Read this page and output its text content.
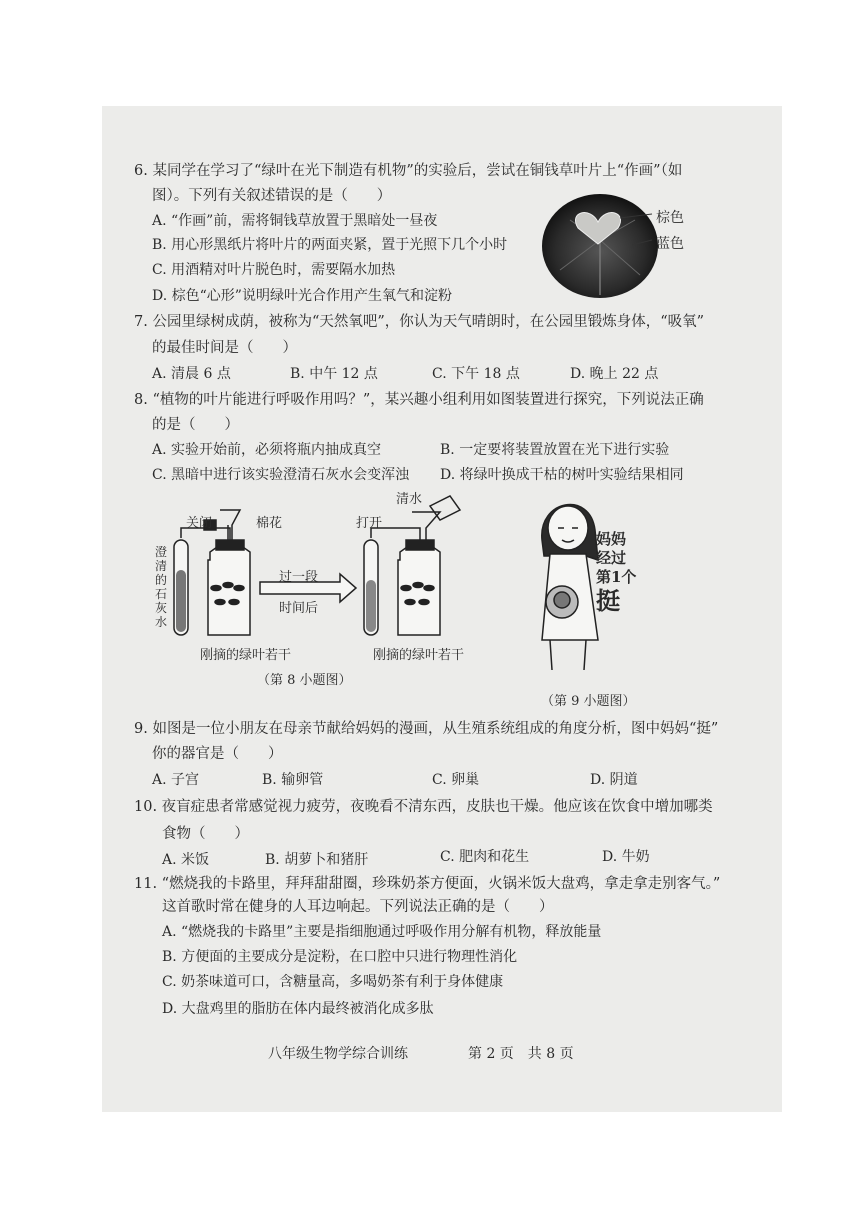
6. 某同学在学习了“绿叶在光下制造有机物”的实验后，尝试在铜钱草叶片上“作画”（如
图）。下列有关叙述错误的是（　　）
A. “作画”前，需将铜钱草放置于黑暗处一昼夜
B. 用心形黑纸片将叶片的两面夹紧，置于光照下几个小时
C. 用酒精对叶片脱色时，需要隔水加热
D. 棕色“心形”说明绿叶光合作用产生氧气和淀粉
棕色
蓝色
7. 公园里绿树成荫，被称为“天然氧吧”，你认为天气晴朗时，在公园里锻炼身体，“吸氧”
的最佳时间是（　　）
A. 清晨 6 点	B. 中午 12 点	C. 下午 18 点	D. 晚上 22 点
8. “植物的叶片能进行呼吸作用吗？”，某兴趣小组利用如图装置进行探究，下列说法正确
的是（　　）
A. 实验开始前，必须将瓶内抽成真空	B. 一定要将装置放置在光下进行实验
C. 黑暗中进行该实验澄清石灰水会变浑浊 D. 将绿叶换成干枯的树叶实验结果相同
关闭	棉花	打开
清水
澄
清
的
石
灰
水
过一段
时间后
刚摘的绿叶若干	刚摘的绿叶若干
（第 8 小题图）
妈妈
经过
第1个
挺
（第 9 小题图）
9. 如图是一位小朋友在母亲节献给妈妈的漫画，从生殖系统组成的角度分析，图中妈妈“挺”
你的器官是（　　）
A. 子宫	B. 输卵管	C. 卵巢	D. 阴道
10. 夜盲症患者常感觉视力疲劳，夜晚看不清东西，皮肤也干燥。他应该在饮食中增加哪类
食物（　　）
A. 米饭	B. 胡萝卜和猪肝	C. 肥肉和花生	D. 牛奶
11. “燃烧我的卡路里，拜拜甜甜圈，珍珠奶茶方便面，火锅米饭大盘鸡，拿走拿走别客气。”
这首歌时常在健身的人耳边响起。下列说法正确的是（　　）
A. “燃烧我的卡路里”主要是指细胞通过呼吸作用分解有机物，释放能量
B. 方便面的主要成分是淀粉，在口腔中只进行物理性消化
C. 奶茶味道可口，含糖量高，多喝奶茶有利于身体健康
D. 大盘鸡里的脂肪在体内最终被消化成多肽
八年级生物学综合训练	第 2 页　共 8 页
